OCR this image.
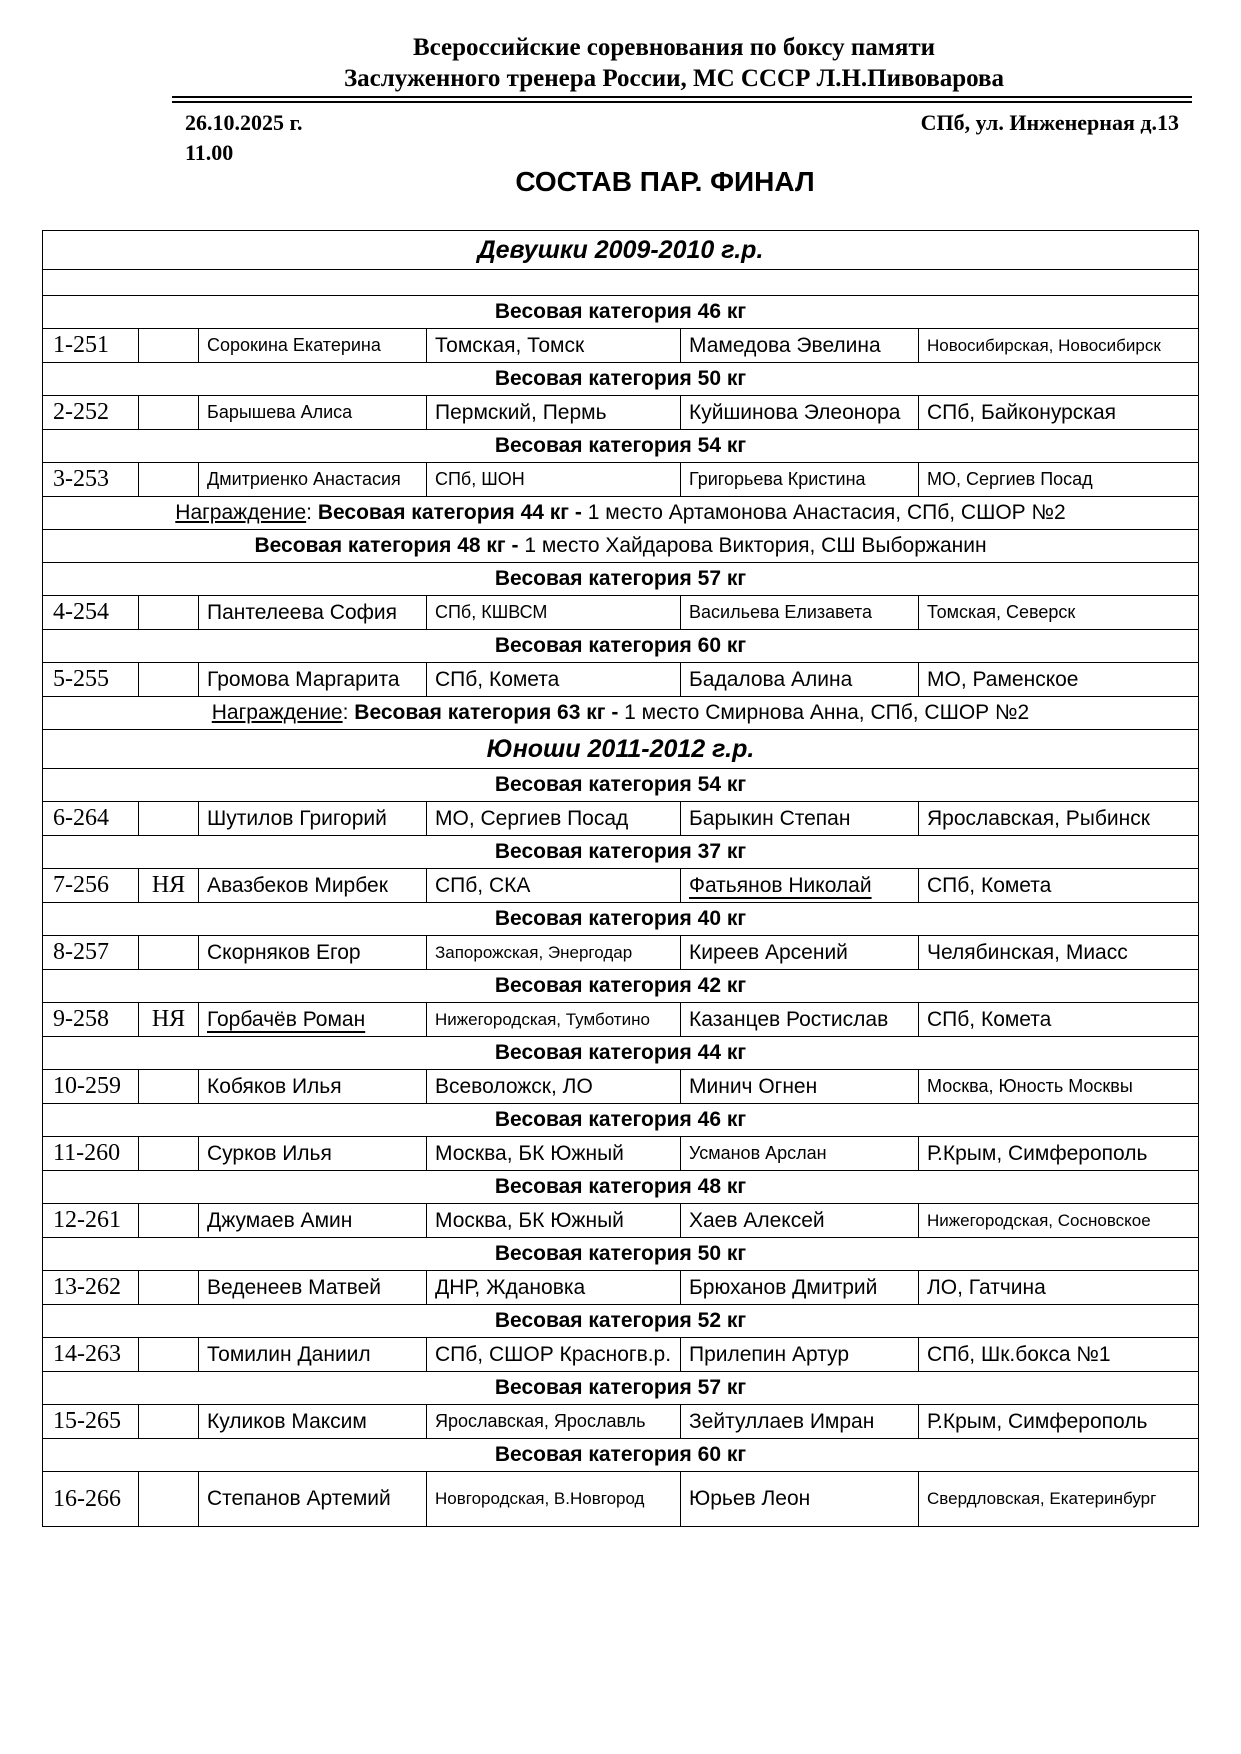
Всероссийские соревнования по боксу памяти
Заслуженного тренера России, МС СССР Л.Н.Пивоварова
26.10.2025 г.
11.00
СПб, ул. Инженерная д.13
СОСТАВ ПАР. ФИНАЛ
Девушки 2009-2010 г.р.					

Весовая категория 46 кг					
1-251		Сорокина Екатерина	Томская, Томск	Мамедова Эвелина	Новосибирская, Новосибирск
Весовая категория 50 кг					
2-252		Барышева Алиса	Пермский, Пермь	Куйшинова Элеонора	СПб, Байконурская
Весовая категория 54 кг					
3-253		Дмитриенко Анастасия	СПб, ШОН	Григорьева Кристина	МО, Сергиев Посад
Награждение: Весовая категория 44 кг - 1 место Артамонова Анастасия, СПб, СШОР №2					
Весовая категория 48 кг - 1 место Хайдарова Виктория, СШ Выборжанин					
Весовая категория 57 кг					
4-254		Пантелеева София	СПб, КШВСМ	Васильева Елизавета	Томская, Северск
Весовая категория 60 кг					
5-255		Громова Маргарита	СПб, Комета	Бадалова Алина	МО, Раменское
Награждение: Весовая категория 63 кг - 1 место Смирнова Анна, СПб, СШОР №2					
Юноши 2011-2012 г.р.					
Весовая категория 54 кг					
6-264		Шутилов Григорий	МО, Сергиев Посад	Барыкин Степан	Ярославская, Рыбинск
Весовая категория 37 кг					
7-256	НЯ	Авазбеков Мирбек	СПб, СКА	Фатьянов Николай	СПб, Комета
Весовая категория 40 кг					
8-257		Скорняков Егор	Запорожская, Энергодар	Киреев Арсений	Челябинская, Миасс
Весовая категория 42 кг					
9-258	НЯ	Горбачёв Роман	Нижегородская, Тумботино	Казанцев Ростислав	СПб, Комета
Весовая категория 44 кг					
10-259		Кобяков Илья	Всеволожск, ЛО	Минич Огнен	Москва, Юность Москвы
Весовая категория 46 кг					
11-260		Сурков Илья	Москва, БК Южный	Усманов Арслан	Р.Крым, Симферополь
Весовая категория 48 кг					
12-261		Джумаев Амин	Москва, БК Южный	Хаев Алексей	Нижегородская, Сосновское
Весовая категория 50 кг					
13-262		Веденеев Матвей	ДНР, Ждановка	Брюханов Дмитрий	ЛО, Гатчина
Весовая категория 52 кг					
14-263		Томилин Даниил	СПб, СШОР Красногв.р.	Прилепин Артур	СПб, Шк.бокса №1
Весовая категория 57 кг					
15-265		Куликов Максим	Ярославская, Ярославль	Зейтуллаев Имран	Р.Крым, Симферополь
Весовая категория 60 кг					
16-266		Степанов Артемий	Новгородская, В.Новгород	Юрьев Леон	Свердловская, Екатеринбург
